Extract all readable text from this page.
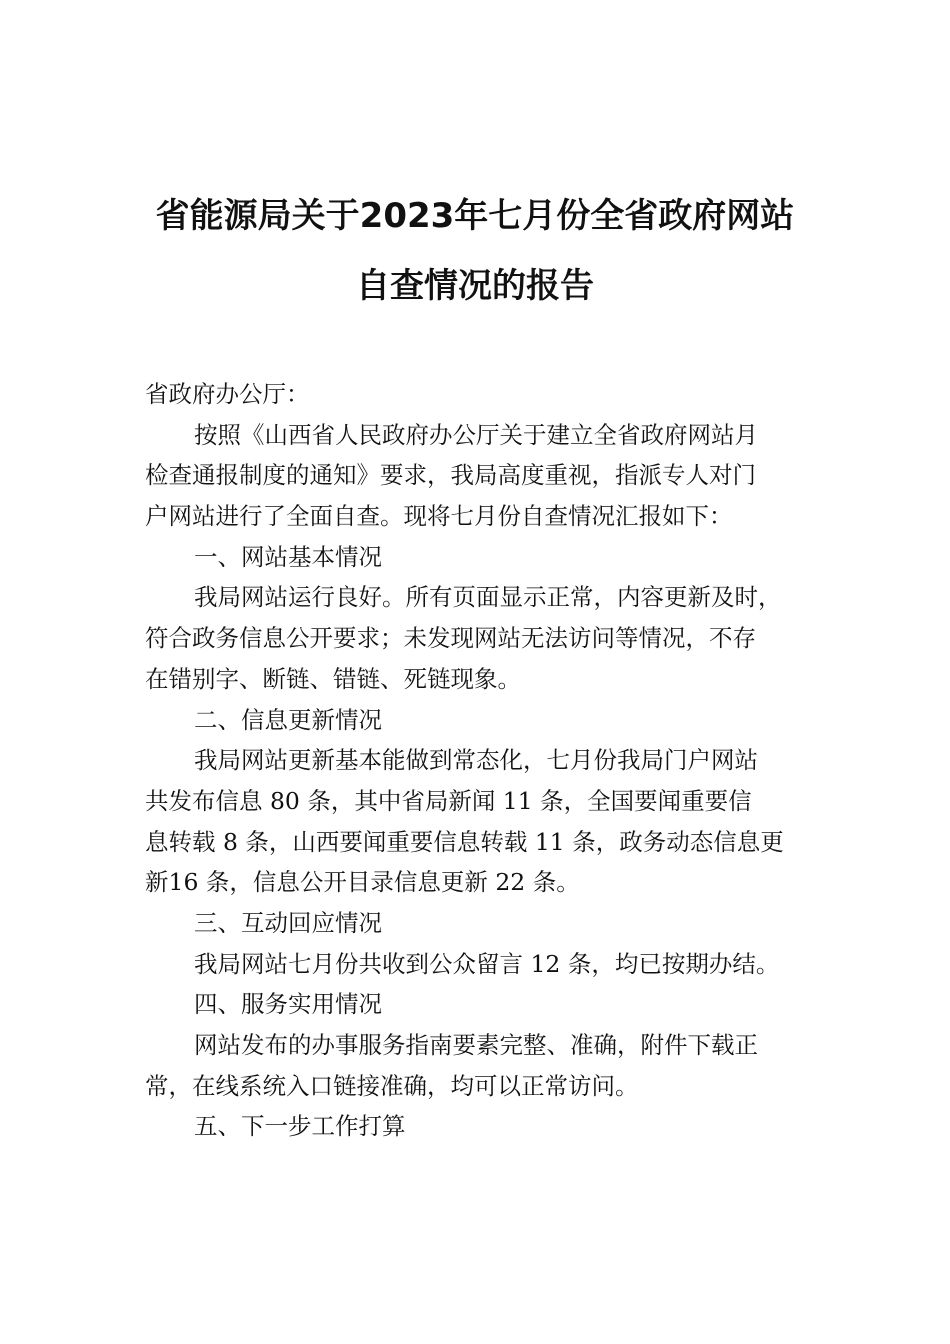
省能源局关于2023年七月份全省政府网站
自查情况的报告
省政府办公厅：
按照《山西省人民政府办公厅关于建立全省政府网站月
检查通报制度的通知》要求，我局高度重视，指派专人对门
户网站进行了全面自查。现将七月份自查情况汇报如下：
一、网站基本情况
我局网站运行良好。所有页面显示正常，内容更新及时，
符合政务信息公开要求；未发现网站无法访问等情况，不存
在错别字、断链、错链、死链现象。
二、信息更新情况
我局网站更新基本能做到常态化，七月份我局门户网站
共发布信息 80 条，其中省局新闻 11 条，全国要闻重要信
息转载 8 条，山西要闻重要信息转载 11 条，政务动态信息更
新16 条，信息公开目录信息更新 22 条。
三、互动回应情况
我局网站七月份共收到公众留言 12 条，均已按期办结。
四、服务实用情况
网站发布的办事服务指南要素完整、准确，附件下载正
常，在线系统入口链接准确，均可以正常访问。
五、下一步工作打算
